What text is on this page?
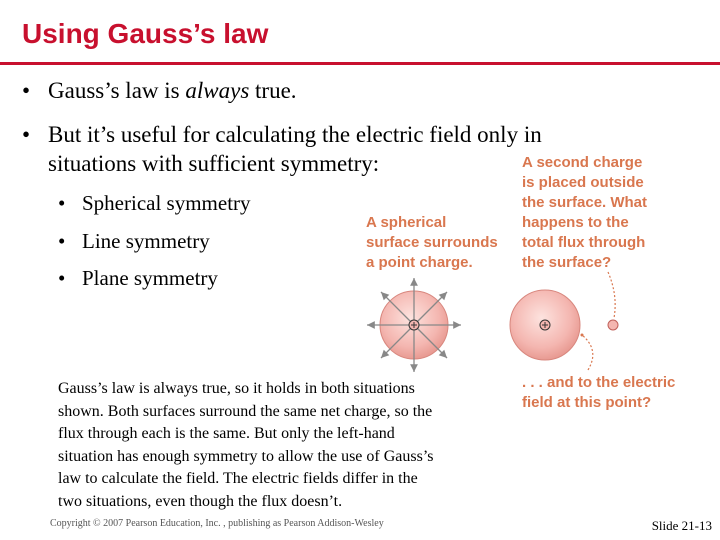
Using Gauss’s law
• Gauss’s law is always true.
• But it’s useful for calculating the electric field only in
situations with sufficient symmetry:
• Spherical symmetry
• Line symmetry
• Plane symmetry
A spherical
surface surrounds
a point charge.
A second charge
is placed outside
the surface. What
happens to the
total flux through
the surface?
. . . and to the electric
field at this point?
Gauss’s law is always true, so it holds in both situations
shown. Both surfaces surround the same net charge, so the
flux through each is the same. But only the left-hand
situation has enough symmetry to allow the use of Gauss’s
law to calculate the field. The electric fields differ in the
two situations, even though the flux doesn’t.
Copyright © 2007 Pearson Education, Inc. , publishing as Pearson Addison-Wesley	Slide 21-13
